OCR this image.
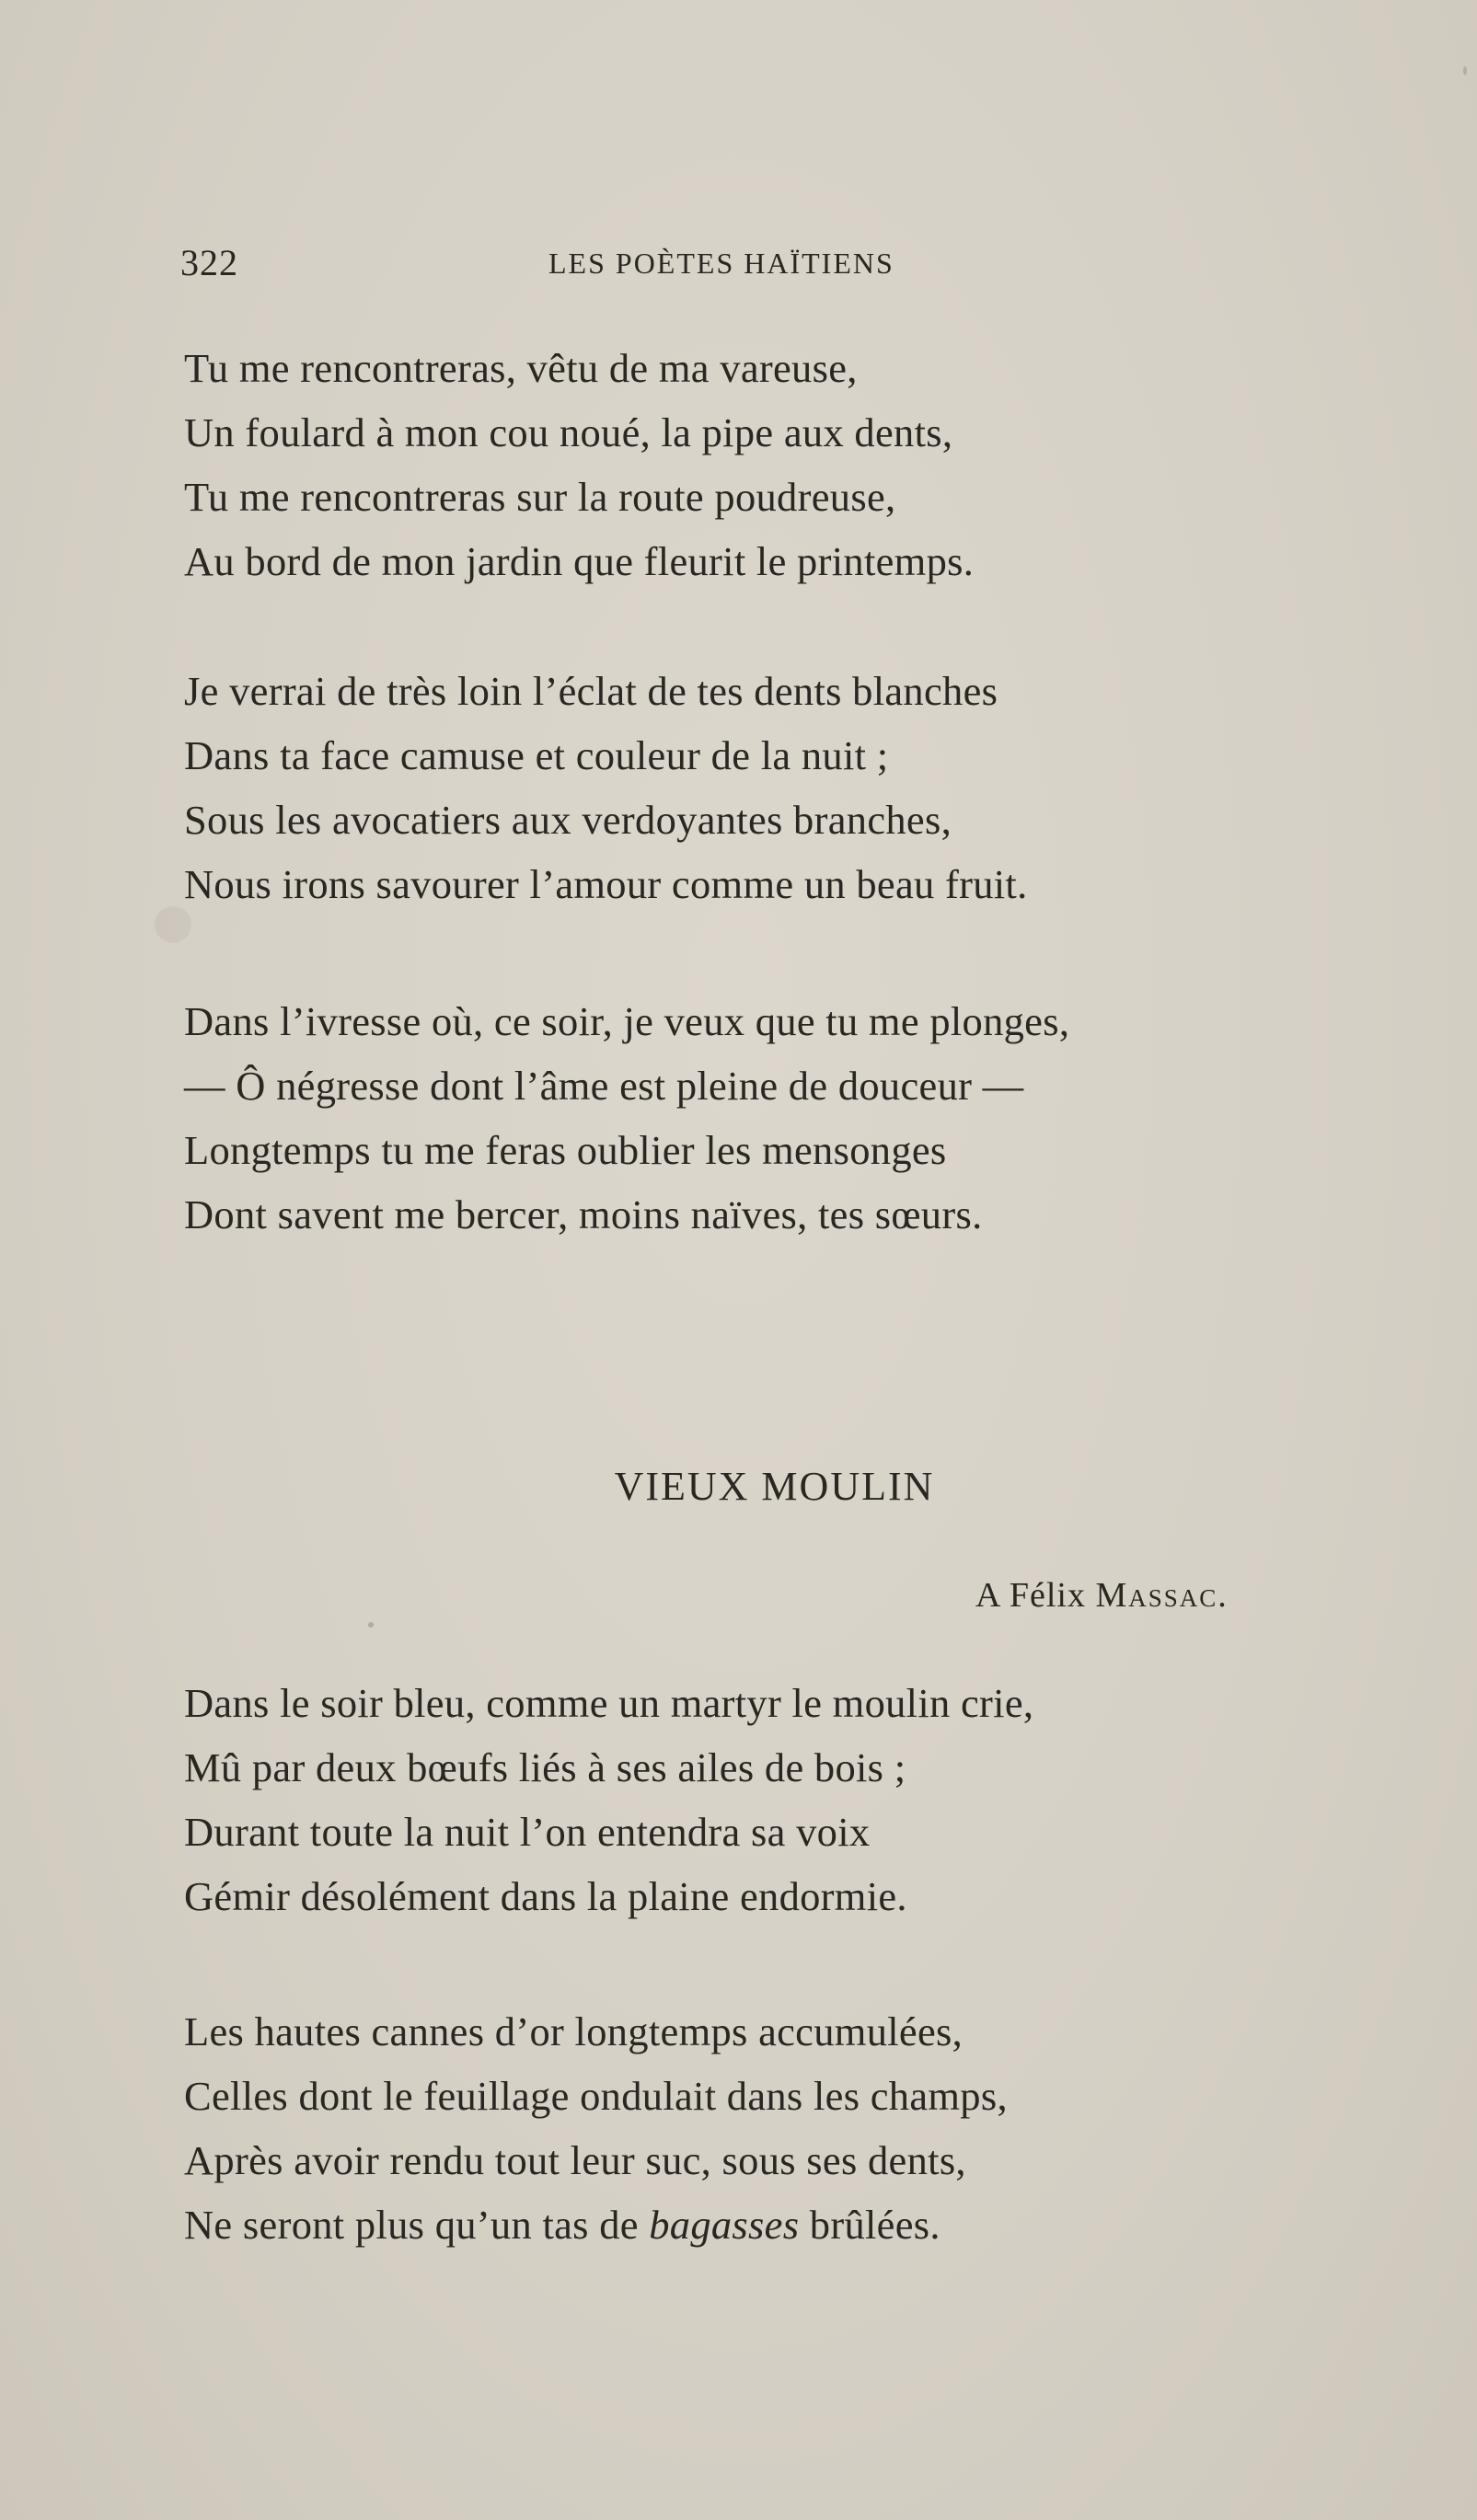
322	LES POÈTES HAÏTIENS
Tu me rencontreras, vêtu de ma vareuse,
Un foulard à mon cou noué, la pipe aux dents,
Tu me rencontreras sur la route poudreuse,
Au bord de mon jardin que fleurit le printemps.
Je verrai de très loin l’éclat de tes dents blanches
Dans ta face camuse et couleur de la nuit ;
Sous les avocatiers aux verdoyantes branches,
Nous irons savourer l’amour comme un beau fruit.
Dans l’ivresse où, ce soir, je veux que tu me plonges,
— Ô négresse dont l’âme est pleine de douceur —
Longtemps tu me feras oublier les mensonges
Dont savent me bercer, moins naïves, tes sœurs.
VIEUX MOULIN
A Félix Massac.
Dans le soir bleu, comme un martyr le moulin crie,
Mû par deux bœufs liés à ses ailes de bois ;
Durant toute la nuit l’on entendra sa voix
Gémir désolément dans la plaine endormie.
Les hautes cannes d’or longtemps accumulées,
Celles dont le feuillage ondulait dans les champs,
Après avoir rendu tout leur suc, sous ses dents,
Ne seront plus qu’un tas de bagasses brûlées.
